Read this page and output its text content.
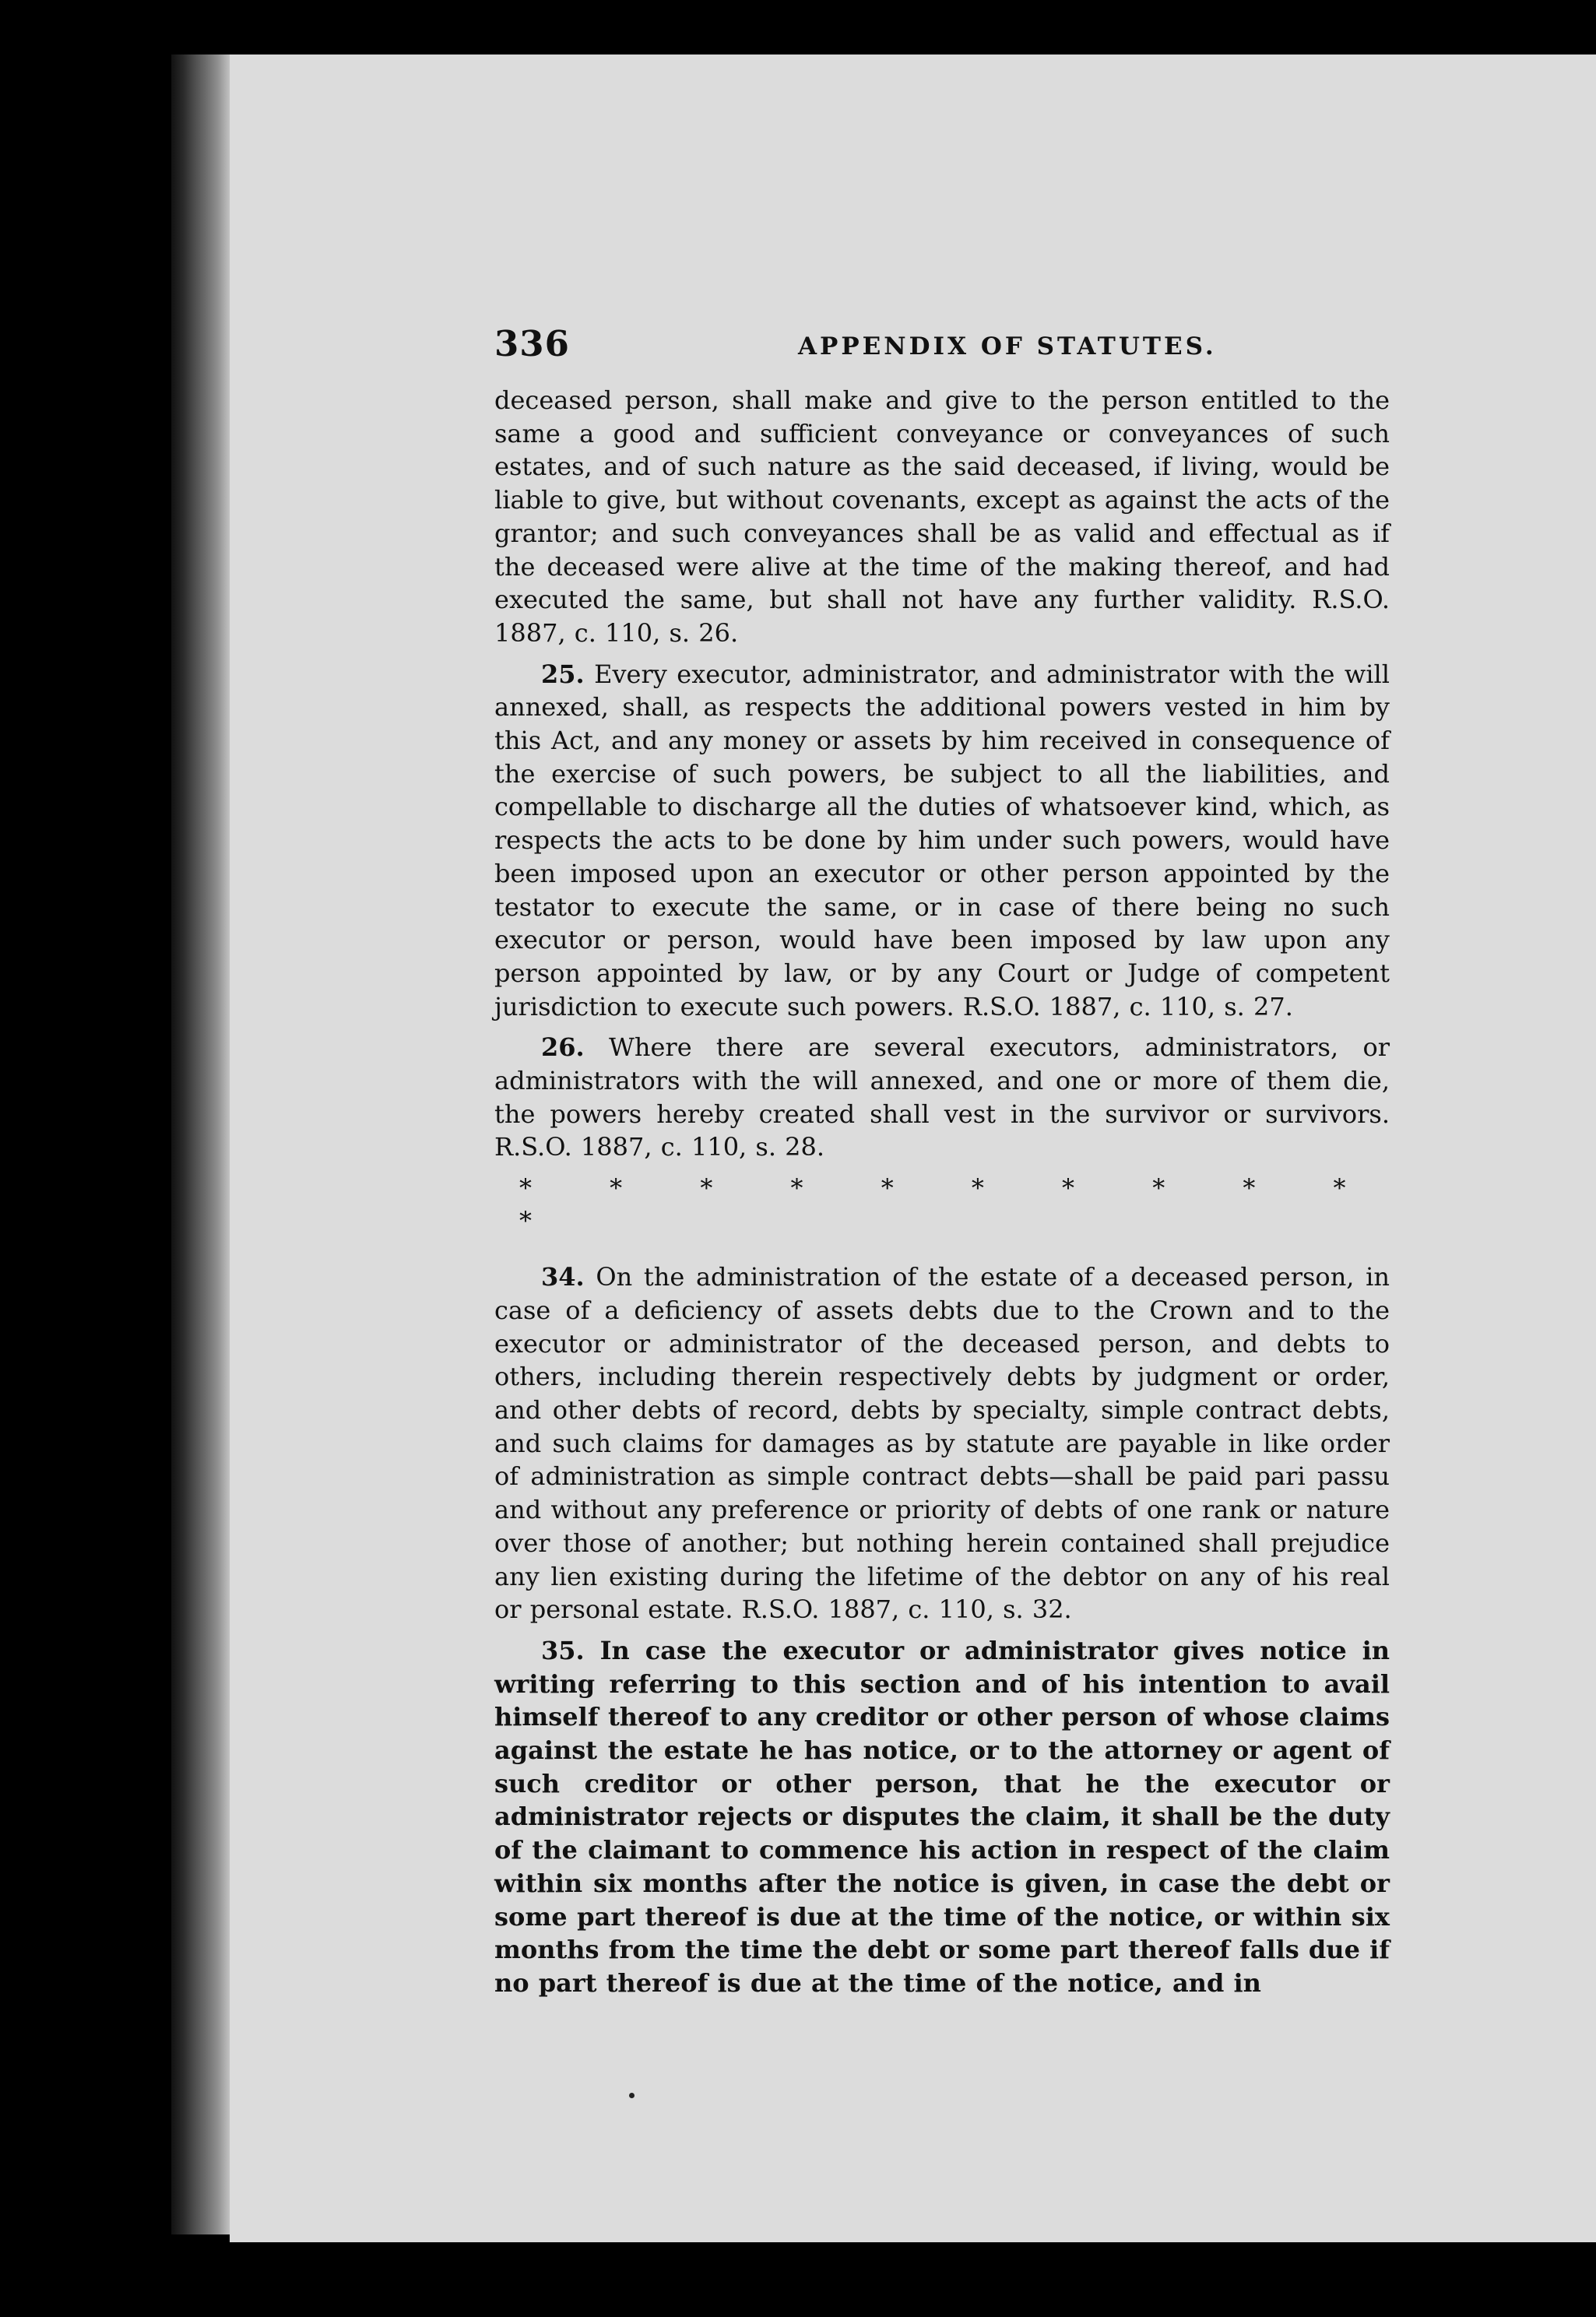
336	APPENDIX OF STATUTES.

deceased person, shall make and give to the person entitled to the same a good and sufficient conveyance or conveyances of such estates, and of such nature as the said deceased, if living, would be liable to give, but without covenants, except as against the acts of the grantor; and such conveyances shall be as valid and effectual as if the deceased were alive at the time of the making thereof, and had executed the same, but shall not have any further validity. R.S.O. 1887, c. 110, s. 26.

25. Every executor, administrator, and administrator with the will annexed, shall, as respects the additional powers vested in him by this Act, and any money or assets by him received in consequence of the exercise of such powers, be subject to all the liabilities, and compellable to discharge all the duties of whatsoever kind, which, as respects the acts to be done by him under such powers, would have been imposed upon an executor or other person appointed by the testator to execute the same, or in case of there being no such executor or person, would have been imposed by law upon any person appointed by law, or by any Court or Judge of competent jurisdiction to execute such powers. R.S.O. 1887, c. 110, s. 27.

26. Where there are several executors, administrators, or administrators with the will annexed, and one or more of them die, the powers hereby created shall vest in the survivor or survivors. R.S.O. 1887, c. 110, s. 28.

* * * * * * * * * * *

34. On the administration of the estate of a deceased person, in case of a deficiency of assets debts due to the Crown and to the executor or administrator of the deceased person, and debts to others, including therein respectively debts by judgment or order, and other debts of record, debts by specialty, simple contract debts, and such claims for damages as by statute are payable in like order of administration as simple contract debts—shall be paid pari passu and without any preference or priority of debts of one rank or nature over those of another; but nothing herein contained shall prejudice any lien existing during the lifetime of the debtor on any of his real or personal estate. R.S.O. 1887, c. 110, s. 32.

35. In case the executor or administrator gives notice in writing referring to this section and of his intention to avail himself thereof to any creditor or other person of whose claims against the estate he has notice, or to the attorney or agent of such creditor or other person, that he the executor or administrator rejects or disputes the claim, it shall be the duty of the claimant to commence his action in respect of the claim within six months after the notice is given, in case the debt or some part thereof is due at the time of the notice, or within six months from the time the debt or some part thereof falls due if no part thereof is due at the time of the notice, and in
